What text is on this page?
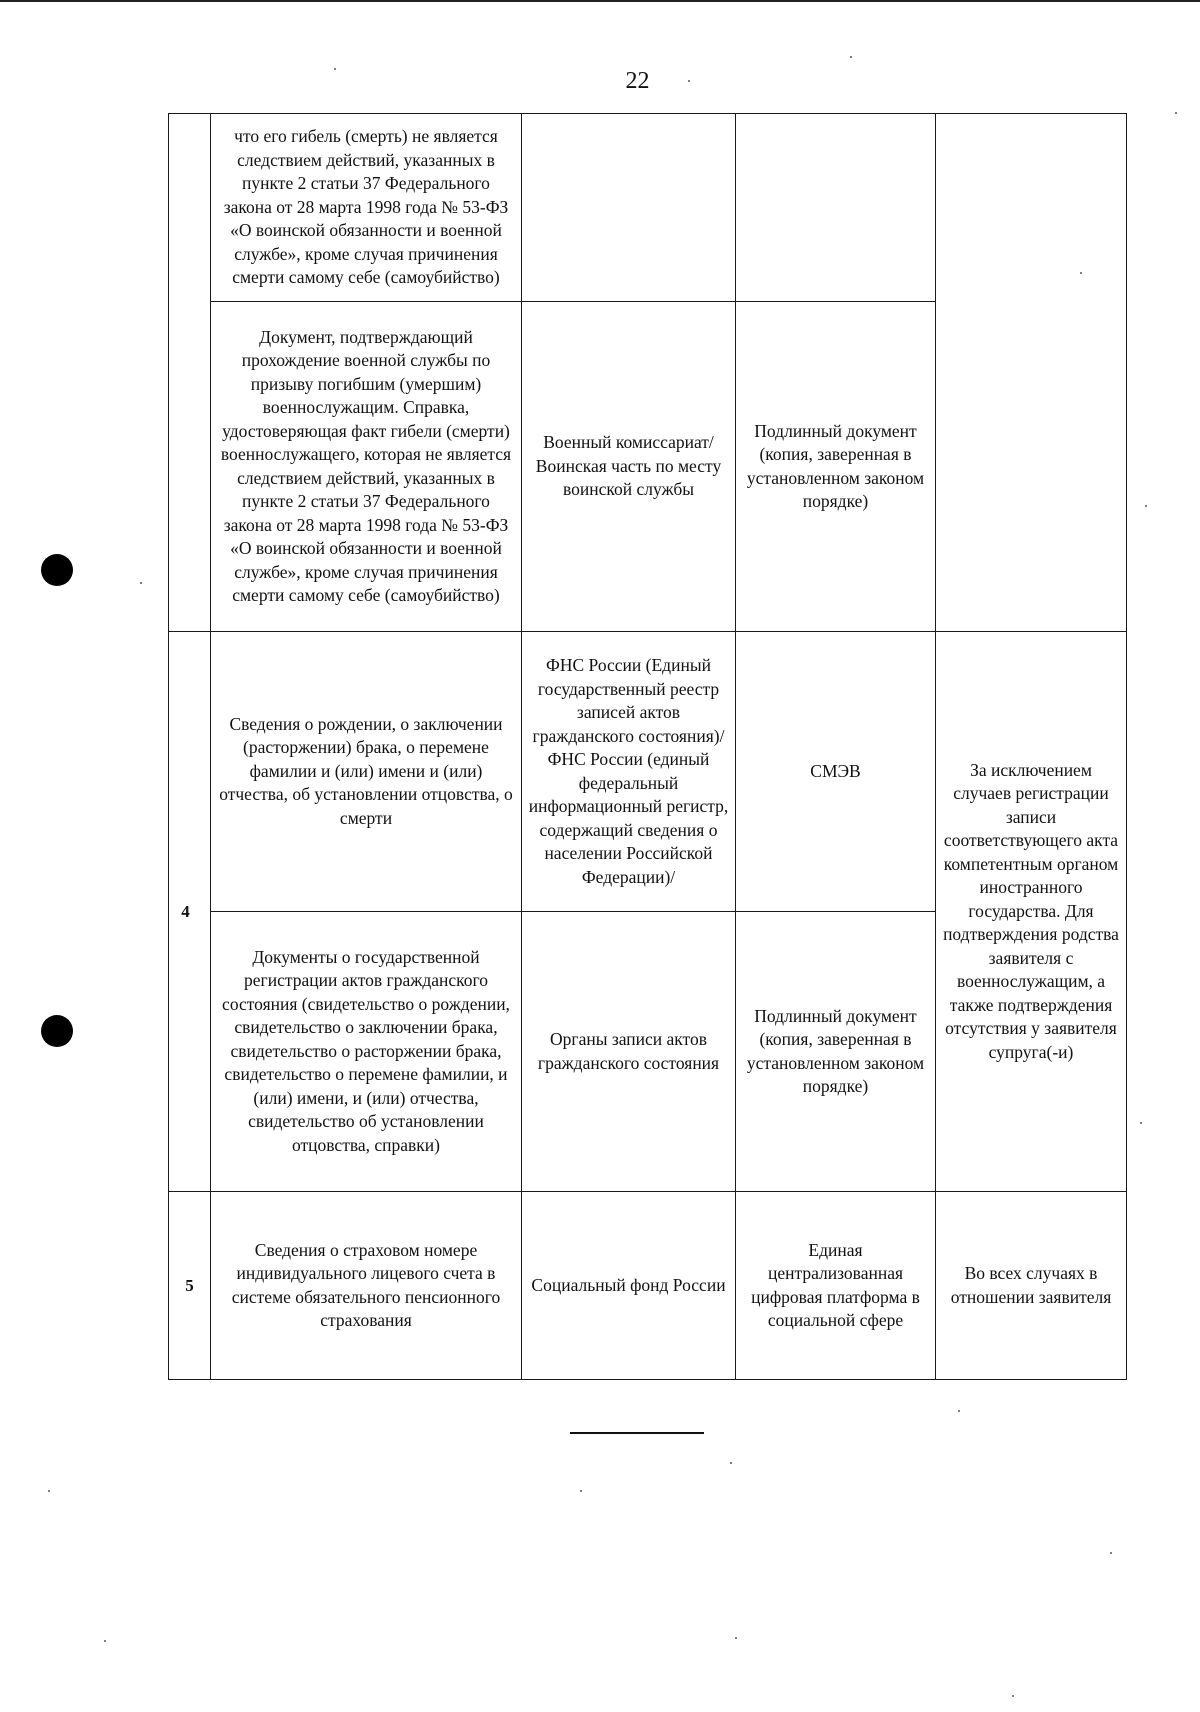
22

	что его гибель (смерть) не является следствием действий, указанных в пункте 2 статьи 37 Федерального закона от 28 марта 1998 года № 53-ФЗ «О воинской обязанности и военной службе», кроме случая причинения смерти самому себе (самоубийство)			

	Документ, подтверждающий прохождение военной службы по призыву погибшим (умершим) военнослужащим. Справка, удостоверяющая факт гибели (смерти) военнослужащего, которая не является следствием действий, указанных в пункте 2 статьи 37 Федерального закона от 28 марта 1998 года № 53-ФЗ «О воинской обязанности и военной службе», кроме случая причинения смерти самому себе (самоубийство)	Военный комиссариат/ Воинская часть по месту воинской службы	Подлинный документ (копия, заверенная в установленном законом порядке)	

4	Сведения о рождении, о заключении (расторжении) брака, о перемене фамилии и (или) имени и (или) отчества, об установлении отцовства, о смерти	ФНС России (Единый государственный реестр записей актов гражданского состояния)/ ФНС России (единый федеральный информационный регистр, содержащий сведения о населении Российской Федерации)/	СМЭВ	За исключением случаев регистрации записи соответствующего акта компетентным органом иностранного государства. Для подтверждения родства заявителя с военнослужащим, а также подтверждения отсутствия у заявителя супруга(-и)

	Документы о государственной регистрации актов гражданского состояния (свидетельство о рождении, свидетельство о заключении брака, свидетельство о расторжении брака, свидетельство о перемене фамилии, и (или) имени, и (или) отчества, свидетельство об установлении отцовства, справки)	Органы записи актов гражданского состояния	Подлинный документ (копия, заверенная в установленном законом порядке)	

5	Сведения о страховом номере индивидуального лицевого счета в системе обязательного пенсионного страхования	Социальный фонд России	Единая централизованная цифровая платформа в социальной сфере	Во всех случаях в отношении заявителя
